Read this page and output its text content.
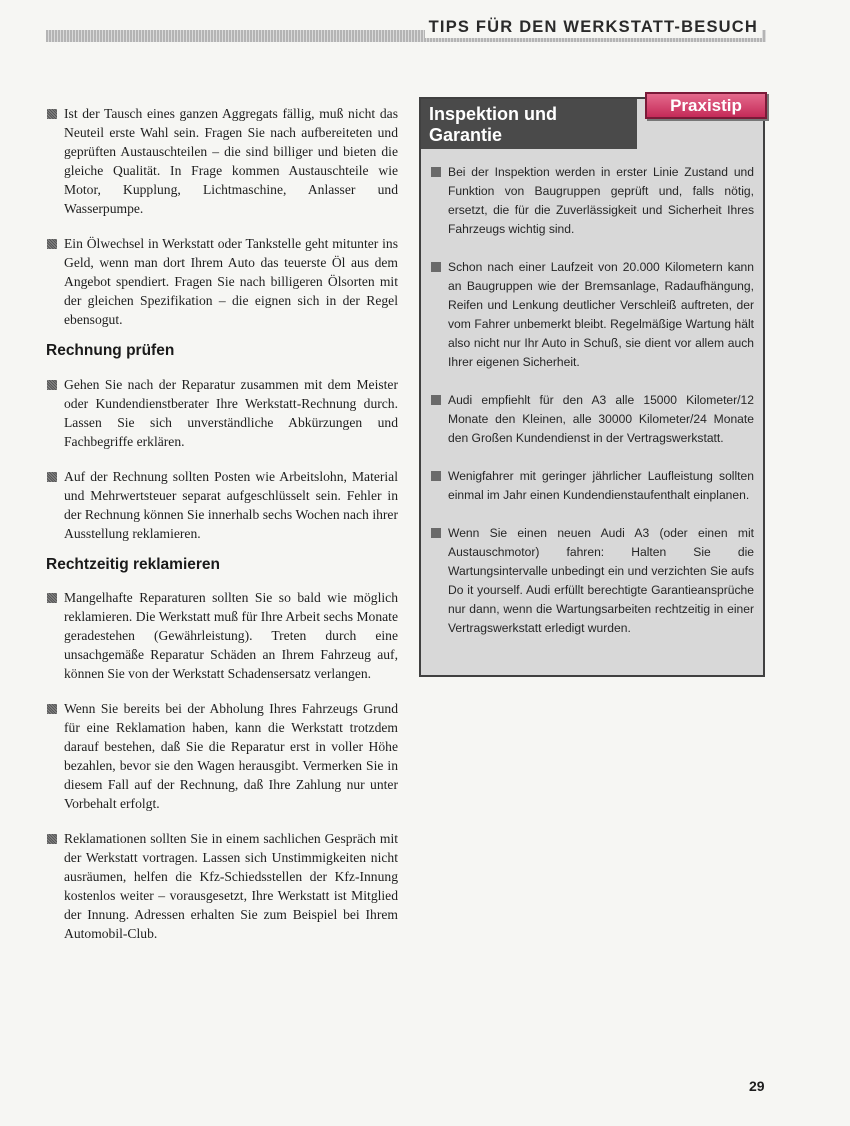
TIPS FÜR DEN WERKSTATT-BESUCH

Ist der Tausch eines ganzen Aggregats fällig, muß nicht das Neuteil erste Wahl sein. Fragen Sie nach aufbereiteten und geprüften Austauschteilen – die sind billiger und bieten die gleiche Qualität. In Frage kommen Austauschteile wie Motor, Kupplung, Lichtmaschine, Anlasser und Wasserpumpe.

Ein Ölwechsel in Werkstatt oder Tankstelle geht mitunter ins Geld, wenn man dort Ihrem Auto das teuerste Öl aus dem Angebot spendiert. Fragen Sie nach billigeren Ölsorten mit der gleichen Spezifikation – die eignen sich in der Regel ebensogut.

Rechnung prüfen

Gehen Sie nach der Reparatur zusammen mit dem Meister oder Kundendienstberater Ihre Werkstatt-Rechnung durch. Lassen Sie sich unverständliche Abkürzungen und Fachbegriffe erklären.

Auf der Rechnung sollten Posten wie Arbeitslohn, Material und Mehrwertsteuer separat aufgeschlüsselt sein. Fehler in der Rechnung können Sie innerhalb sechs Wochen nach ihrer Ausstellung reklamieren.

Rechtzeitig reklamieren

Mangelhafte Reparaturen sollten Sie so bald wie möglich reklamieren. Die Werkstatt muß für Ihre Arbeit sechs Monate geradestehen (Gewährleistung). Treten durch eine unsachgemäße Reparatur Schäden an Ihrem Fahrzeug auf, können Sie von der Werkstatt Schadensersatz verlangen.

Wenn Sie bereits bei der Abholung Ihres Fahrzeugs Grund für eine Reklamation haben, kann die Werkstatt trotzdem darauf bestehen, daß Sie die Reparatur erst in voller Höhe bezahlen, bevor sie den Wagen herausgibt. Vermerken Sie in diesem Fall auf der Rechnung, daß Ihre Zahlung nur unter Vorbehalt erfolgt.

Reklamationen sollten Sie in einem sachlichen Gespräch mit der Werkstatt vortragen. Lassen sich Unstimmigkeiten nicht ausräumen, helfen die Kfz-Schiedsstellen der Kfz-Innung kostenlos weiter – vorausgesetzt, Ihre Werkstatt ist Mitglied der Innung. Adressen erhalten Sie zum Beispiel bei Ihrem Automobil-Club.

Inspektion und
Garantie

Bei der Inspektion werden in erster Linie Zustand und Funktion von Baugruppen geprüft und, falls nötig, ersetzt, die für die Zuverlässigkeit und Sicherheit Ihres Fahrzeugs wichtig sind.

Schon nach einer Laufzeit von 20.000 Kilometern kann an Baugruppen wie der Bremsanlage, Radaufhängung, Reifen und Lenkung deutlicher Verschleiß auftreten, der vom Fahrer unbemerkt bleibt. Regelmäßige Wartung hält also nicht nur Ihr Auto in Schuß, sie dient vor allem auch Ihrer eigenen Sicherheit.

Audi empfiehlt für den A3 alle 15000 Kilometer/12 Monate den Kleinen, alle 30000 Kilometer/24 Monate den Großen Kundendienst in der Vertragswerkstatt.

Wenigfahrer mit geringer jährlicher Laufleistung sollten einmal im Jahr einen Kundendienstaufenthalt einplanen.

Wenn Sie einen neuen Audi A3 (oder einen mit Austauschmotor) fahren: Halten Sie die Wartungsintervalle unbedingt ein und verzichten Sie aufs Do it yourself. Audi erfüllt berechtigte Garantieansprüche nur dann, wenn die Wartungsarbeiten rechtzeitig in einer Vertragswerkstatt erledigt wurden.

Praxistip
29
